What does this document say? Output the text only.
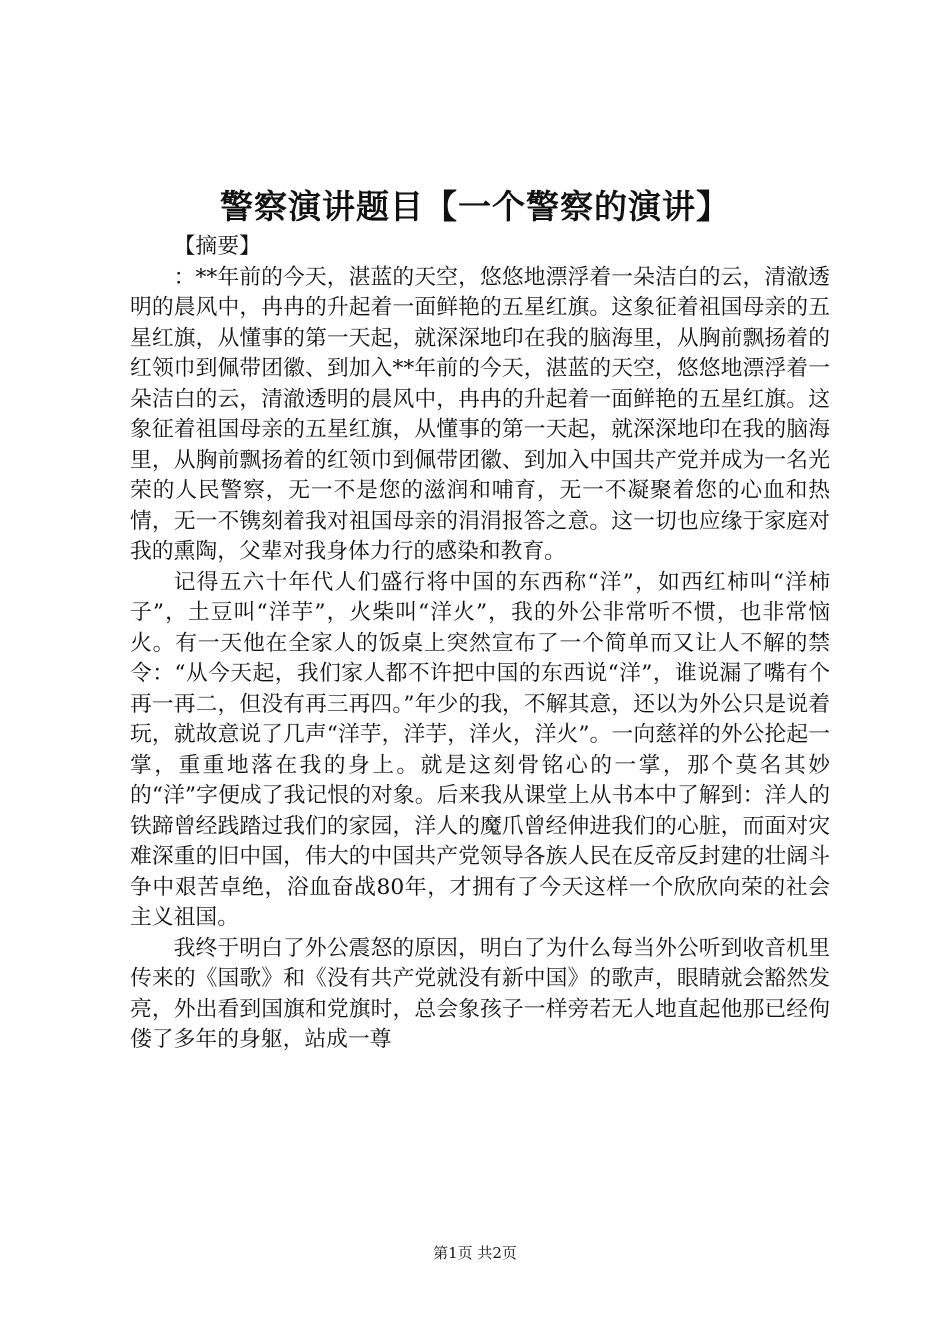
警察演讲题目【一个警察的演讲】

【摘要】

：**年前的今天，湛蓝的天空，悠悠地漂浮着一朵洁白的云，清澈透明的晨风中，冉冉的升起着一面鲜艳的五星红旗。这象征着祖国母亲的五星红旗，从懂事的第一天起，就深深地印在我的脑海里，从胸前飘扬着的红领巾到佩带团徽、到加入**年前的今天，湛蓝的天空，悠悠地漂浮着一朵洁白的云，清澈透明的晨风中，冉冉的升起着一面鲜艳的五星红旗。这象征着祖国母亲的五星红旗，从懂事的第一天起，就深深地印在我的脑海里，从胸前飘扬着的红领巾到佩带团徽、到加入中国共产党并成为一名光荣的人民警察，无一不是您的滋润和哺育，无一不凝聚着您的心血和热情，无一不镌刻着我对祖国母亲的涓涓报答之意。这一切也应缘于家庭对我的熏陶，父辈对我身体力行的感染和教育。

记得五六十年代人们盛行将中国的东西称“洋”，如西红柿叫“洋柿子”，土豆叫“洋芋”，火柴叫“洋火”，我的外公非常听不惯，也非常恼火。有一天他在全家人的饭桌上突然宣布了一个简单而又让人不解的禁令：“从今天起，我们家人都不许把中国的东西说“洋”，谁说漏了嘴有个再一再二，但没有再三再四。”年少的我，不解其意，还以为外公只是说着玩，就故意说了几声“洋芋，洋芋，洋火，洋火”。一向慈祥的外公抡起一掌，重重地落在我的身上。就是这刻骨铭心的一掌，那个莫名其妙的“洋”字便成了我记恨的对象。后来我从课堂上从书本中了解到：洋人的铁蹄曾经践踏过我们的家园，洋人的魔爪曾经伸进我们的心脏，而面对灾难深重的旧中国，伟大的中国共产党领导各族人民在反帝反封建的壮阔斗争中艰苦卓绝，浴血奋战80年，才拥有了今天这样一个欣欣向荣的社会主义祖国。

我终于明白了外公震怒的原因，明白了为什么每当外公听到收音机里传来的《国歌》和《没有共产党就没有新中国》的歌声，眼睛就会豁然发亮，外出看到国旗和党旗时，总会象孩子一样旁若无人地直起他那已经佝偻了多年的身躯，站成一尊

第1页 共2页
